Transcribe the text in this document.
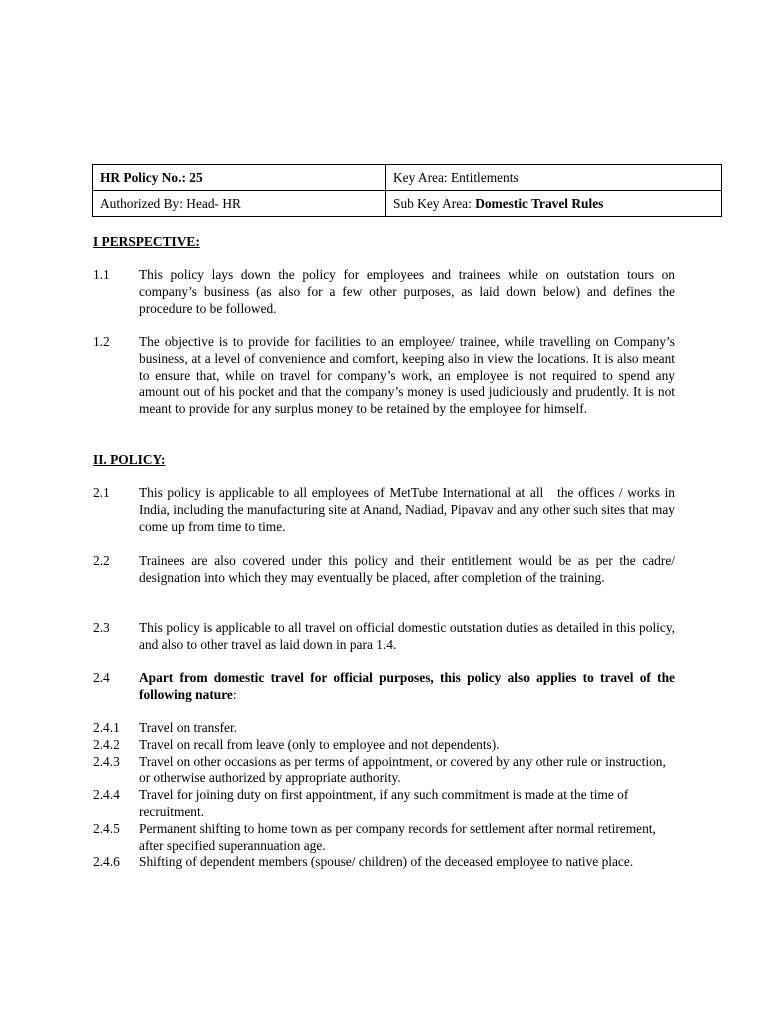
HR Policy No.: 25	Key Area: Entitlements
Authorized By: Head- HR	Sub Key Area: Domestic Travel Rules
I PERSPECTIVE:
1.1 This policy lays down the policy for employees and trainees while on outstation tours on company’s business (as also for a few other purposes, as laid down below) and defines the procedure to be followed.
1.2 The objective is to provide for facilities to an employee/ trainee, while travelling on Company’s business, at a level of convenience and comfort, keeping also in view the locations. It is also meant to ensure that, while on travel for company’s work, an employee is not required to spend any amount out of his pocket and that the company’s money is used judiciously and prudently. It is not meant to provide for any surplus money to be retained by the employee for himself.
II. POLICY:
2.1 This policy is applicable to all employees of MetTube International at all   the offices / works in India, including the manufacturing site at Anand, Nadiad, Pipavav and any other such sites that may come up from time to time.
2.2 Trainees are also covered under this policy and their entitlement would be as per the cadre/ designation into which they may eventually be placed, after completion of the training.
2.3 This policy is applicable to all travel on official domestic outstation duties as detailed in this policy, and also to other travel as laid down in para 1.4.
2.4 Apart from domestic travel for official purposes, this policy also applies to travel of the following nature:
2.4.1 Travel on transfer.
2.4.2 Travel on recall from leave (only to employee and not dependents).
2.4.3 Travel on other occasions as per terms of appointment, or covered by any other rule or instruction, or otherwise authorized by appropriate authority.
2.4.4 Travel for joining duty on first appointment, if any such commitment is made at the time of recruitment.
2.4.5 Permanent shifting to home town as per company records for settlement after normal retirement, after specified superannuation age.
2.4.6 Shifting of dependent members (spouse/ children) of the deceased employee to native place.
